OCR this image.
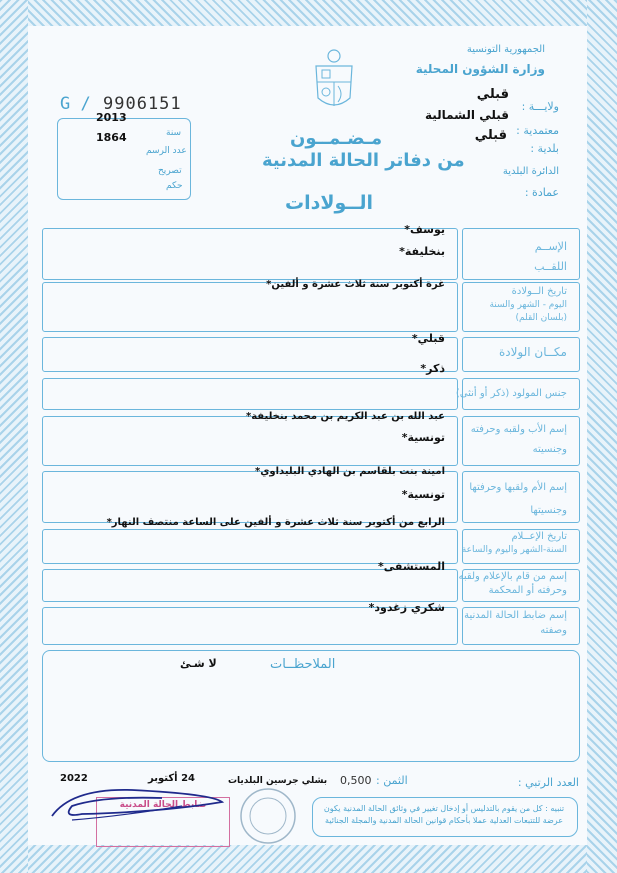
الجمهورية التونسية
وزارة الشؤون المحلية
ولايـــة :
قبلي
قبلي الشمالية
معتمدية :
قبلي
بلدية :
الدائرة البلدية
عمادة :
G / 9906151
2013
1864	سنة
عدد الرسم
تصريح
حكم
مـضـمــون
من دفاتر الحالة المدنية
الــولادات
الإســم
اللقــب
يوسف*
بنخليفة*
تاريخ الــولادة
اليوم - الشهر والسنة
(بلسان القلم)
غرة أكتوبر سنة ثلاث عشرة و ألفين*
مكــان الولادة
قبلي*
جنس المولود (ذكر أو أنثى)
ذكر*
إسم الأب ولقبه وحرفته
وجنسيته
عبد الله بن عبد الكريم بن محمد بنخليفة*
تونسية*
إسم الأم ولقبها وحرفتها
وجنسيتها
امينة بنت بلقاسم بن الهادي البليداوي*
تونسية*
تاريخ الإعــلام
السنة-الشهر واليوم والساعة
الرابع من أكتوبر سنة ثلاث عشرة و ألفين على الساعة منتصف النهار*
إسم من قام بالإعلام ولقبه
وحرفته أو المحكمة
المستشفى*
إسم ضابط الحالة المدنية
وصفته
شكري زغدود*
الملاحظــات
لا شـئ
العدد الرتبي :
الثمن :
0,500
بشلي جرسين البلديات
24 أكتوبر
2022
تنبيه : كل من يقوم بالتدليس أو إدخال تغيير في وثائق الحالة المدنية يكون عرضة للتتبعات العدلية عملا بأحكام قوانين الحالة المدنية والمجلة الجنائية
ضابط الحالة المدنية
